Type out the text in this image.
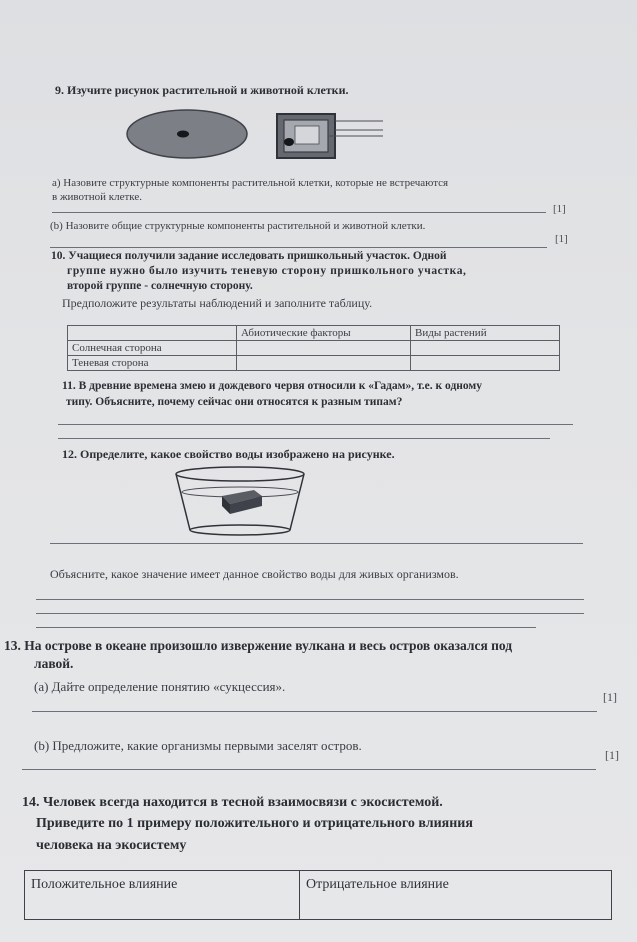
9. Изучите рисунок растительной и животной клетки.
а) Назовите структурные компоненты растительной клетки, которые не встречаются
в животной клетке.
[1]
(b) Назовите общие структурные компоненты растительной и животной клетки.
[1]
10. Учащиеся получили задание исследовать пришкольный участок. Одной
группе нужно было изучить теневую сторону пришкольного участка,
второй группе - солнечную сторону.
Предположите результаты наблюдений и заполните таблицу.
	Абиотические факторы	Виды растений
Солнечная сторона		
Теневая сторона		
11. В древние времена змею и дождевого червя относили к «Гадам», т.е. к одному
типу. Объясните, почему сейчас они относятся к разным типам?
12. Определите, какое свойство воды изображено на рисунке.
Объясните, какое значение имеет данное свойство воды для живых организмов.
13. На острове в океане произошло извержение вулкана и весь остров оказался под
лавой.
(а) Дайте определение понятию «сукцессия».
[1]
(b) Предложите, какие организмы первыми заселят остров.
[1]
14. Человек всегда находится в тесной взаимосвязи с экосистемой.
Приведите по 1 примеру положительного и отрицательного влияния
человека на экосистему
Положительное влияние	Отрицательное влияние
